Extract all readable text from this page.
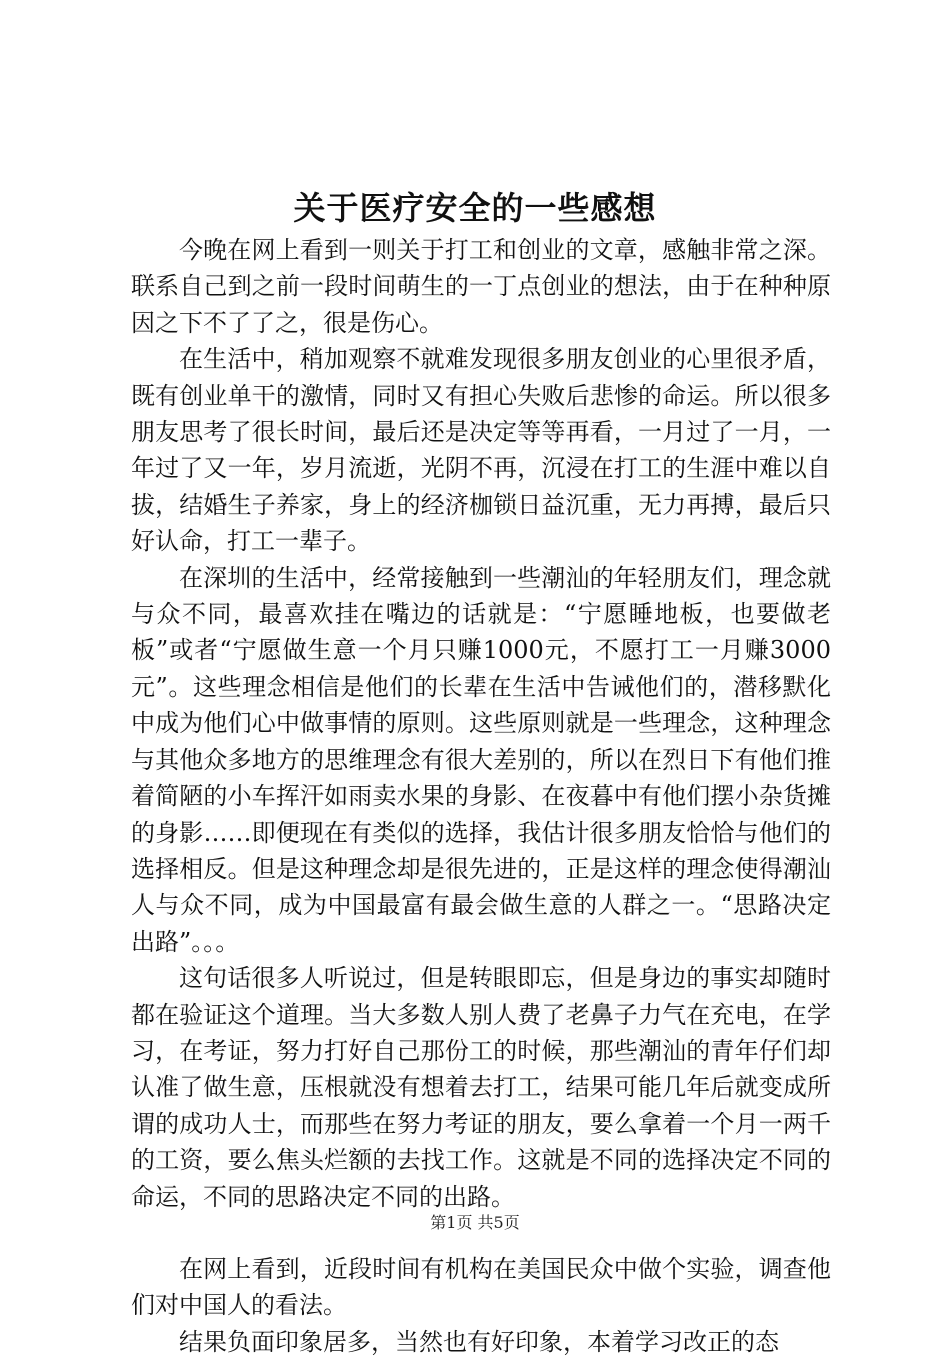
关于医疗安全的一些感想

今晚在网上看到一则关于打工和创业的文章，感触非常之深。联系自己到之前一段时间萌生的一丁点创业的想法，由于在种种原因之下不了了之，很是伤心。

在生活中，稍加观察不就难发现很多朋友创业的心里很矛盾，既有创业单干的激情，同时又有担心失败后悲惨的命运。所以很多朋友思考了很长时间，最后还是决定等等再看，一月过了一月，一年过了又一年，岁月流逝，光阴不再，沉浸在打工的生涯中难以自拔，结婚生子养家，身上的经济枷锁日益沉重，无力再搏，最后只好认命，打工一辈子。

在深圳的生活中，经常接触到一些潮汕的年轻朋友们，理念就与众不同，最喜欢挂在嘴边的话就是：“宁愿睡地板，也要做老板”或者“宁愿做生意一个月只赚1000元，不愿打工一月赚3000元”。这些理念相信是他们的长辈在生活中告诫他们的，潜移默化中成为他们心中做事情的原则。这些原则就是一些理念，这种理念与其他众多地方的思维理念有很大差别的，所以在烈日下有他们推着简陋的小车挥汗如雨卖水果的身影、在夜暮中有他们摆小杂货摊的身影……即便现在有类似的选择，我估计很多朋友恰恰与他们的选择相反。但是这种理念却是很先进的，正是这样的理念使得潮汕人与众不同，成为中国最富有最会做生意的人群之一。“思路决定出路”。。。

这句话很多人听说过，但是转眼即忘，但是身边的事实却随时都在验证这个道理。当大多数人别人费了老鼻子力气在充电，在学习，在考证，努力打好自己那份工的时候，那些潮汕的青年仔们却认准了做生意，压根就没有想着去打工，结果可能几年后就变成所谓的成功人士，而那些在努力考证的朋友，要么拿着一个月一两千的工资，要么焦头烂额的去找工作。这就是不同的选择决定不同的命运，不同的思路决定不同的出路。

在网上看到，近段时间有机构在美国民众中做个实验，调查他们对中国人的看法。

结果负面印象居多，当然也有好印象，本着学习改正的态

第1页 共5页
